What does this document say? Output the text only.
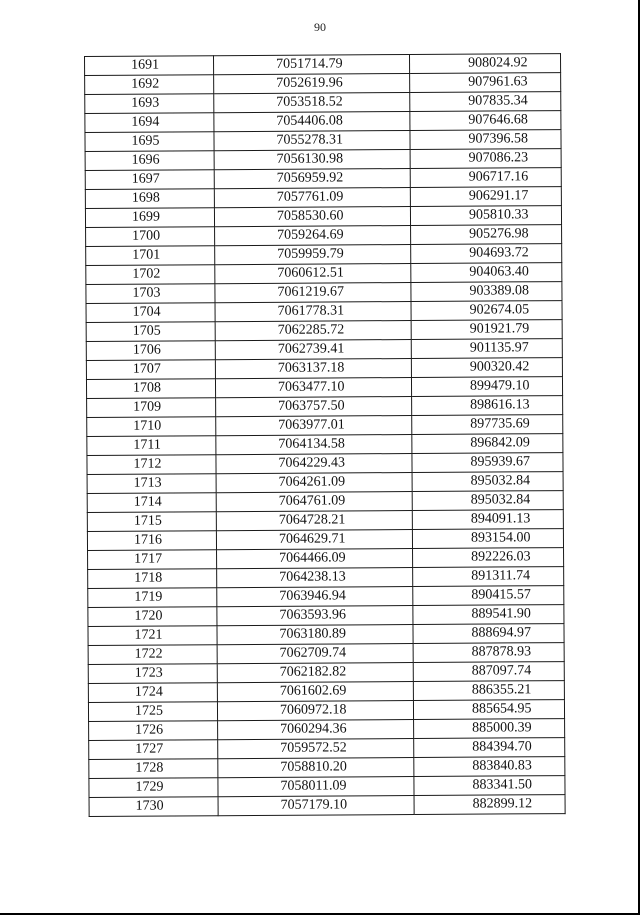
90
1691	7051714.79	908024.92
1692	7052619.96	907961.63
1693	7053518.52	907835.34
1694	7054406.08	907646.68
1695	7055278.31	907396.58
1696	7056130.98	907086.23
1697	7056959.92	906717.16
1698	7057761.09	906291.17
1699	7058530.60	905810.33
1700	7059264.69	905276.98
1701	7059959.79	904693.72
1702	7060612.51	904063.40
1703	7061219.67	903389.08
1704	7061778.31	902674.05
1705	7062285.72	901921.79
1706	7062739.41	901135.97
1707	7063137.18	900320.42
1708	7063477.10	899479.10
1709	7063757.50	898616.13
1710	7063977.01	897735.69
1711	7064134.58	896842.09
1712	7064229.43	895939.67
1713	7064261.09	895032.84
1714	7064761.09	895032.84
1715	7064728.21	894091.13
1716	7064629.71	893154.00
1717	7064466.09	892226.03
1718	7064238.13	891311.74
1719	7063946.94	890415.57
1720	7063593.96	889541.90
1721	7063180.89	888694.97
1722	7062709.74	887878.93
1723	7062182.82	887097.74
1724	7061602.69	886355.21
1725	7060972.18	885654.95
1726	7060294.36	885000.39
1727	7059572.52	884394.70
1728	7058810.20	883840.83
1729	7058011.09	883341.50
1730	7057179.10	882899.12
